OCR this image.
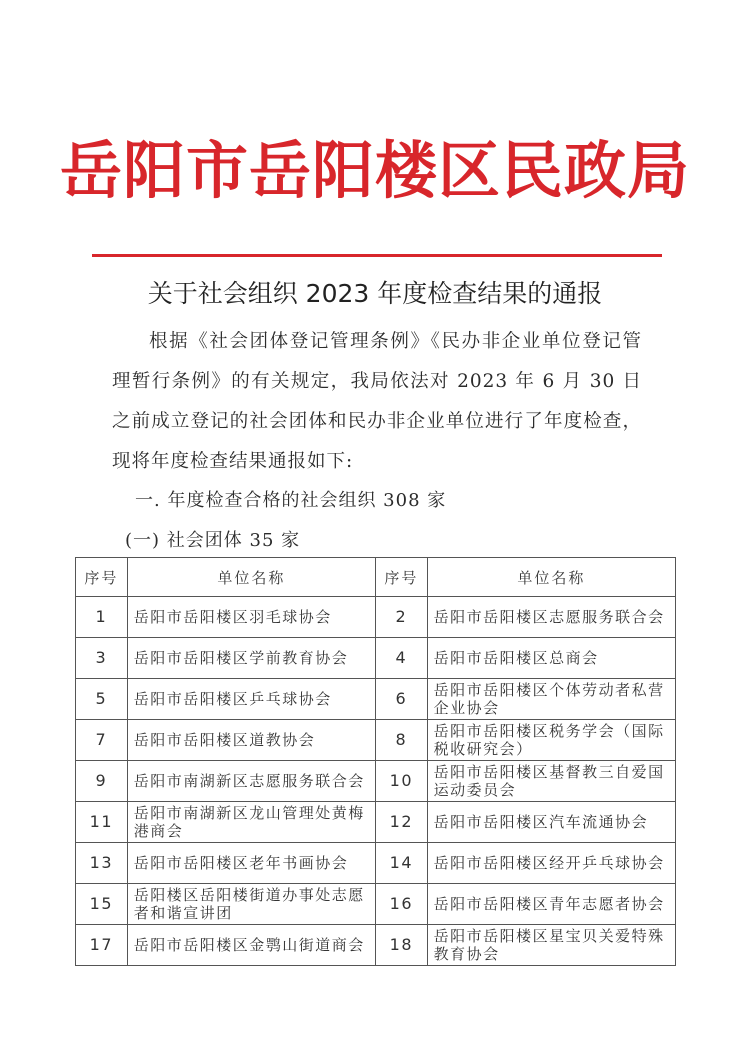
岳阳市岳阳楼区民政局
关于社会组织 2023 年度检查结果的通报
根据《社会团体登记管理条例》《民办非企业单位登记管理暂行条例》的有关规定，我局依法对 2023 年 6 月 30 日之前成立登记的社会团体和民办非企业单位进行了年度检查，现将年度检查结果通报如下:
一. 年度检查合格的社会组织 308 家
(一) 社会团体 35 家
序号	单位名称	序号	单位名称
1	岳阳市岳阳楼区羽毛球协会	2	岳阳市岳阳楼区志愿服务联合会
3	岳阳市岳阳楼区学前教育协会	4	岳阳市岳阳楼区总商会
5	岳阳市岳阳楼区乒乓球协会	6	岳阳市岳阳楼区个体劳动者私营企业协会
7	岳阳市岳阳楼区道教协会	8	岳阳市岳阳楼区税务学会（国际税收研究会）
9	岳阳市南湖新区志愿服务联合会	10	岳阳市岳阳楼区基督教三自爱国运动委员会
11	岳阳市南湖新区龙山管理处黄梅港商会	12	岳阳市岳阳楼区汽车流通协会
13	岳阳市岳阳楼区老年书画协会	14	岳阳市岳阳楼区经开乒乓球协会
15	岳阳楼区岳阳楼街道办事处志愿者和谐宣讲团	16	岳阳市岳阳楼区青年志愿者协会
17	岳阳市岳阳楼区金鹗山街道商会	18	岳阳市岳阳楼区星宝贝关爱特殊教育协会
